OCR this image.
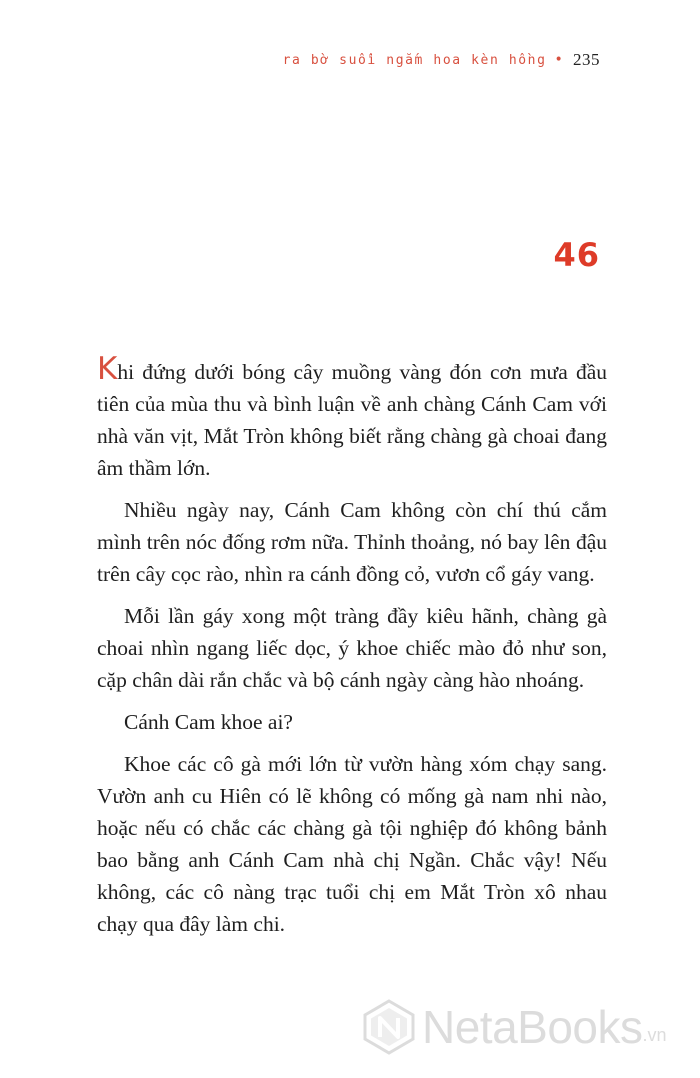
ra bờ suối ngắm hoa kèn hồng • 235
46

Khi đứng dưới bóng cây muồng vàng đón cơn mưa đầu tiên của mùa thu và bình luận về anh chàng Cánh Cam với nhà văn vịt, Mắt Tròn không biết rằng chàng gà choai đang âm thầm lớn.

Nhiều ngày nay, Cánh Cam không còn chí thú cắm mình trên nóc đống rơm nữa. Thỉnh thoảng, nó bay lên đậu trên cây cọc rào, nhìn ra cánh đồng cỏ, vươn cổ gáy vang.

Mỗi lần gáy xong một tràng đầy kiêu hãnh, chàng gà choai nhìn ngang liếc dọc, ý khoe chiếc mào đỏ như son, cặp chân dài rắn chắc và bộ cánh ngày càng hào nhoáng.

Cánh Cam khoe ai?

Khoe các cô gà mới lớn từ vườn hàng xóm chạy sang. Vườn anh cu Hiên có lẽ không có mống gà nam nhi nào, hoặc nếu có chắc các chàng gà tội nghiệp đó không bảnh bao bằng anh Cánh Cam nhà chị Ngần. Chắc vậy! Nếu không, các cô nàng trạc tuổi chị em Mắt Tròn xô nhau chạy qua đây làm chi.

NetaBooks .vn
